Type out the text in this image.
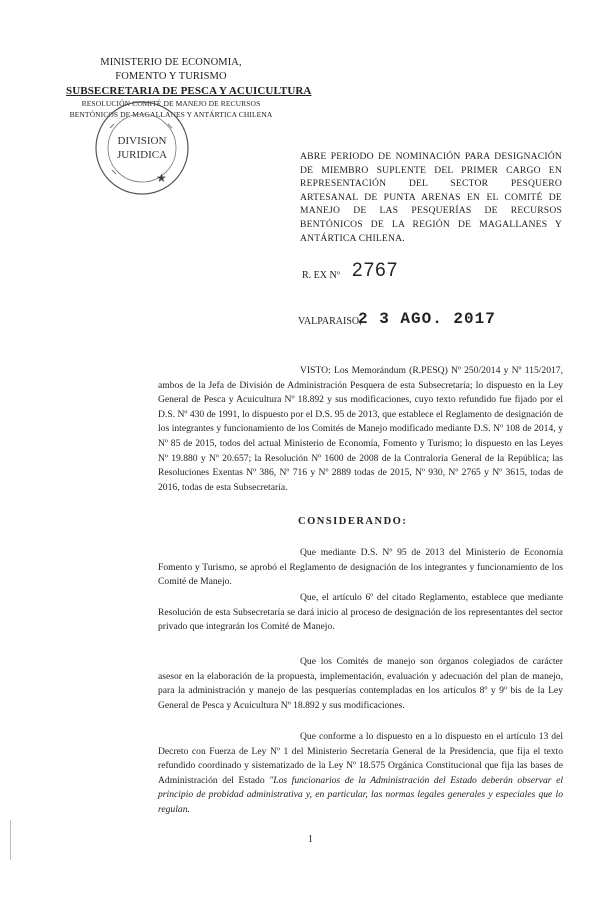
MINISTERIO DE ECONOMIA,
FOMENTO Y TURISMO
SUBSECRETARIA DE PESCA Y ACUICULTURA
RESOLUCIÓN COMITÉ DE MANEJO DE RECURSOS
BENTÓNICOS DE MAGALLANES Y ANTÁRTICA CHILENA
★
DIVISION
JURIDICA	ABRE PERIODO DE NOMINACIÓN PARA DESIGNACIÓN DE MIEMBRO SUPLENTE DEL PRIMER CARGO EN REPRESENTACIÓN DEL SECTOR PESQUERO ARTESANAL DE PUNTA ARENAS EN EL COMITÉ DE MANEJO DE LAS PESQUERÍAS DE RECURSOS BENTÓNICOS DE LA REGIÓN DE MAGALLANES Y ANTÁRTICA CHILENA.
R. EX Nº 2767
VALPARAISO,
2 3 AGO. 2017
VISTO: Los Memorándum (R.PESQ) Nº 250/2014 y Nº 115/2017, ambos de la Jefa de División de Administración Pesquera de esta Subsecretaría; lo dispuesto en la Ley General de Pesca y Acuicultura Nº 18.892 y sus modificaciones, cuyo texto refundido fue fijado por el D.S. Nº 430 de 1991, lo dispuesto por el D.S. 95 de 2013, que establece el Reglamento de designación de los integrantes y funcionamiento de los Comités de Manejo modificado mediante D.S. Nº 108 de 2014, y Nº 85 de 2015, todos del actual Ministerio de Economía, Fomento y Turismo; lo dispuesto en las Leyes Nº 19.880 y Nº 20.657; la Resolución Nº 1600 de 2008 de la Contraloría General de la República; las Resoluciones Exentas Nº 386, Nº 716 y Nº 2889 todas de 2015, Nº 930, Nº 2765 y Nº 3615, todas de 2016, todas de esta Subsecretaría.
CONSIDERANDO:
Que mediante D.S. Nº 95 de 2013 del Ministerio de Economía Fomento y Turismo, se aprobó el Reglamento de designación de los integrantes y funcionamiento de los Comité de Manejo.
Que, el artículo 6º del citado Reglamento, establece que mediante Resolución de esta Subsecretaría se dará inicio al proceso de designación de los representantes del sector privado que integrarán los Comité de Manejo.
Que los Comités de manejo son órganos colegiados de carácter asesor en la elaboración de la propuesta, implementación, evaluación y adecuación del plan de manejo, para la administración y manejo de las pesquerías contempladas en los artículos 8º y 9º bis de la Ley General de Pesca y Acuicultura Nº 18.892 y sus modificaciones.
Que conforme a lo dispuesto en a lo dispuesto en el artículo 13 del Decreto con Fuerza de Ley Nº 1 del Ministerio Secretaría General de la Presidencia, que fija el texto refundido coordinado y sistematizado de la Ley Nº 18.575 Orgánica Constitucional que fija las bases de Administración del Estado "Los funcionarios de la Administración del Estado deberán observar el principio de probidad administrativa y, en particular, las normas legales generales y especiales que lo regulan.
1
